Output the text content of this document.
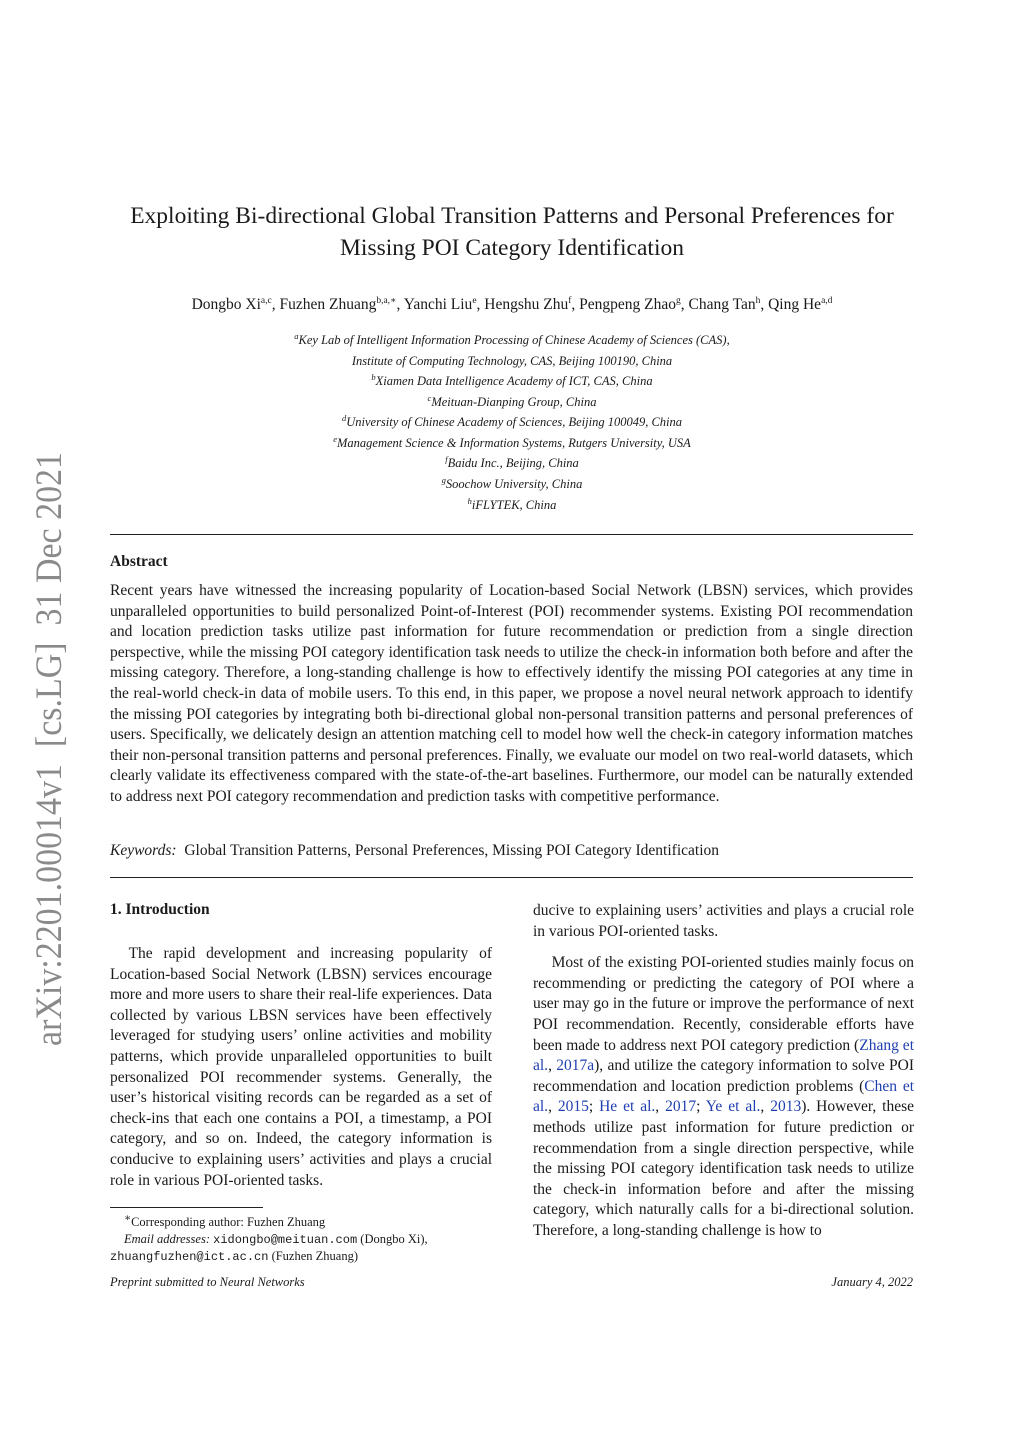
arXiv:2201.00014v1  [cs.LG]  31 Dec 2021
Exploiting Bi-directional Global Transition Patterns and Personal Preferences for
Missing POI Category Identification
Dongbo Xi$^{a,c}$, Fuzhen Zhuang$^{b,a,∗}$, Yanchi Liu$^e$, Hengshu Zhu$^f$, Pengpeng Zhao$^g$, Chang Tan$^h$, Qing He$^{a,d}$
$^a$Key Lab of Intelligent Information Processing of Chinese Academy of Sciences (CAS),
Institute of Computing Technology, CAS, Beijing 100190, China
$^b$Xiamen Data Intelligence Academy of ICT, CAS, China
$^c$Meituan-Dianping Group, China
$^d$University of Chinese Academy of Sciences, Beijing 100049, China
$^e$Management Science & Information Systems, Rutgers University, USA
$^f$Baidu Inc., Beijing, China
$^g$Soochow University, China
$^h$iFLYTEK, China
Abstract
Recent years have witnessed the increasing popularity of Location-based Social Network (LBSN) services, which provides unparalleled opportunities to build personalized Point-of-Interest (POI) recommender systems. Existing POI recommendation and location prediction tasks utilize past information for future recommendation or prediction from a single direction perspective, while the missing POI category identification task needs to utilize the check-in information both before and after the missing category. Therefore, a long-standing challenge is how to effectively identify the missing POI categories at any time in the real-world check-in data of mobile users. To this end, in this paper, we propose a novel neural network approach to identify the missing POI categories by integrating both bi-directional global non-personal transition patterns and personal preferences of users. Specifically, we delicately design an attention matching cell to model how well the check-in category information matches their non-personal transition patterns and personal preferences. Finally, we evaluate our model on two real-world datasets, which clearly validate its effectiveness compared with the state-of-the-art baselines. Furthermore, our model can be naturally extended to address next POI category recommendation and prediction tasks with competitive performance.
Keywords: Global Transition Patterns, Personal Preferences, Missing POI Category Identification
1. Introduction

The rapid development and increasing popularity of Location-based Social Network (LBSN) services encourage more and more users to share their real-life experiences. Data collected by various LBSN services have been effectively leveraged for studying users’ online activities and mobility patterns, which provide unparalleled opportunities to built personalized POI recommender systems. Generally, the user’s historical visiting records can be regarded as a set of check-ins that each one contains a POI, a timestamp, a POI category, and so on. Indeed, the category information is conducive to explaining users’ activities and plays a crucial role in various POI-oriented tasks.

ducive to explaining users’ activities and plays a crucial role in various POI-oriented tasks.

Most of the existing POI-oriented studies mainly focus on recommending or predicting the category of POI where a user may go in the future or improve the performance of next POI recommendation. Recently, considerable efforts have been made to address next POI category prediction (Zhang et al., 2017a), and utilize the category information to solve POI recommendation and location prediction problems (Chen et al., 2015; He et al., 2017; Ye et al., 2013). However, these methods utilize past information for future prediction or recommendation from a single direction perspective, while the missing POI category identification task needs to utilize the check-in information before and after the missing category, which naturally calls for a bi-directional solution. Therefore, a long-standing challenge is how to

∗Corresponding author: Fuzhen Zhuang

Email addresses: xidongbo@meituan.com (Dongbo Xi),

zhuangfuzhen@ict.ac.cn (Fuzhen Zhuang)

Preprint submitted to Neural Networks	January 4, 2022
